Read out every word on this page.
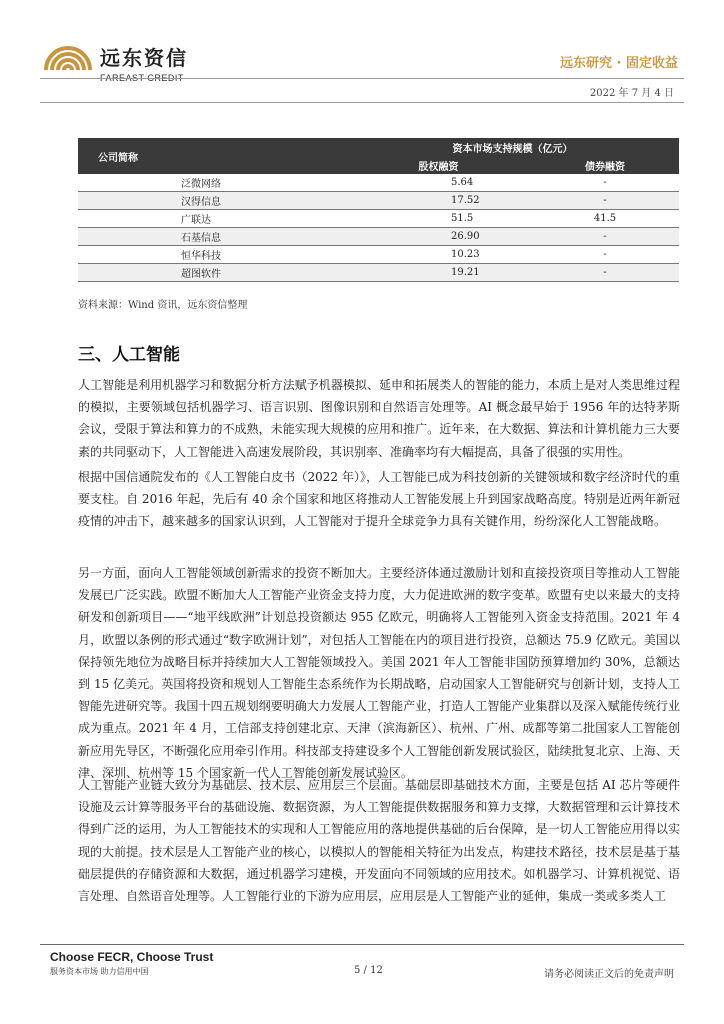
远东资信
FAREAST CREDIT
远东研究 · 固定收益
2022 年 7 月 4 日
公司简称	资本市场支持规模（亿元）	
	股权融资	债券融资
泛微网络	5.64	-
汉得信息	17.52	-
广联达	51.5	41.5
石基信息	26.90	-
恒华科技	10.23	-
超图软件	19.21	-
资料来源：Wind 资讯，远东资信整理
三、人工智能

人工智能是利用机器学习和数据分析方法赋予机器模拟、延申和拓展类人的智能的能力，本质上是对人类思维过程的模拟，主要领域包括机器学习、语言识别、图像识别和自然语言处理等。AI 概念最早始于 1956 年的达特茅斯会议，受限于算法和算力的不成熟，未能实现大规模的应用和推广。近年来，在大数据、算法和计算机能力三大要素的共同驱动下，人工智能进入高速发展阶段，其识别率、准确率均有大幅提高，具备了很强的实用性。

根据中国信通院发布的《人工智能白皮书（2022 年）》，人工智能已成为科技创新的关键领域和数字经济时代的重要支柱。自 2016 年起，先后有 40 余个国家和地区将推动人工智能发展上升到国家战略高度。特别是近两年新冠疫情的冲击下，越来越多的国家认识到，人工智能对于提升全球竞争力具有关键作用，纷纷深化人工智能战略。

另一方面，面向人工智能领域创新需求的投资不断加大。主要经济体通过激励计划和直接投资项目等推动人工智能发展已广泛实践。欧盟不断加大人工智能产业资金支持力度，大力促进欧洲的数字变革。欧盟有史以来最大的支持研发和创新项目——“地平线欧洲”计划总投资额达 955 亿欧元，明确将人工智能列入资金支持范围。2021 年 4 月，欧盟以条例的形式通过“数字欧洲计划”，对包括人工智能在内的项目进行投资，总额达 75.9 亿欧元。美国以保持领先地位为战略目标并持续加大人工智能领域投入。美国 2021 年人工智能非国防预算增加约 30%，总额达到 15 亿美元。英国将投资和规划人工智能生态系统作为长期战略，启动国家人工智能研究与创新计划，支持人工智能先进研究等。我国十四五规划纲要明确大力发展人工智能产业，打造人工智能产业集群以及深入赋能传统行业成为重点。2021 年 4 月，工信部支持创建北京、天津（滨海新区）、杭州、广州、成都等第二批国家人工智能创新应用先导区，不断强化应用牵引作用。科技部支持建设多个人工智能创新发展试验区，陆续批复北京、上海、天津、深圳、杭州等 15 个国家新一代人工智能创新发展试验区。

人工智能产业链大致分为基础层、技术层、应用层三个层面。基础层即基础技术方面，主要是包括 AI 芯片等硬件设施及云计算等服务平台的基础设施、数据资源，为人工智能提供数据服务和算力支撑，大数据管理和云计算技术得到广泛的运用，为人工智能技术的实现和人工智能应用的落地提供基础的后台保障，是一切人工智能应用得以实现的大前提。技术层是人工智能产业的核心，以模拟人的智能相关特征为出发点，构建技术路径，技术层是基于基础层提供的存储资源和大数据，通过机器学习建模，开发面向不同领域的应用技术。如机器学习、计算机视觉、语言处理、自然语音处理等。人工智能行业的下游为应用层，应用层是人工智能产业的延伸，集成一类或多类人工

Choose FECR, Choose Trust
服务资本市场 助力信用中国	5 / 12	请务必阅读正文后的免责声明
